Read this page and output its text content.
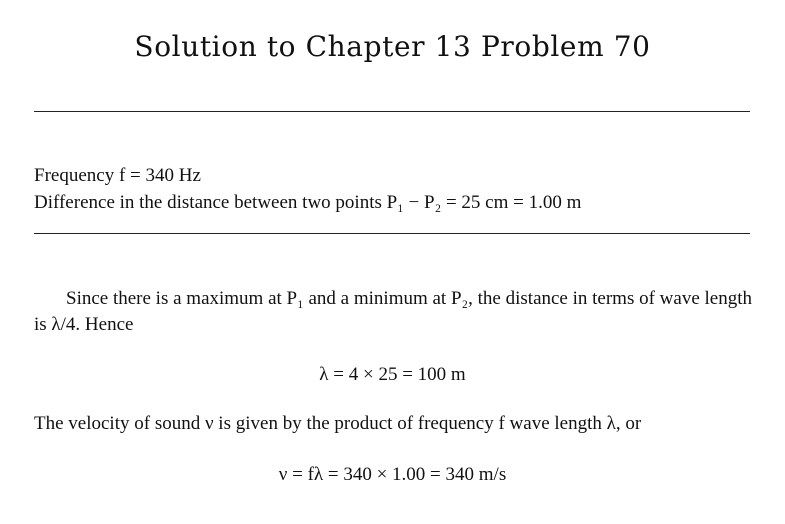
Solution to Chapter 13 Problem 70
Frequency f = 340 Hz
Difference in the distance between two points P₁ − P₂ = 25 cm = 1.00 m
Since there is a maximum at P₁ and a minimum at P₂, the distance in terms of wave length is λ/4. Hence
λ = 4 × 25 = 100 m
The velocity of sound ν is given by the product of frequency f wave length λ, or
ν = fλ = 340 × 1.00 = 340 m/s
